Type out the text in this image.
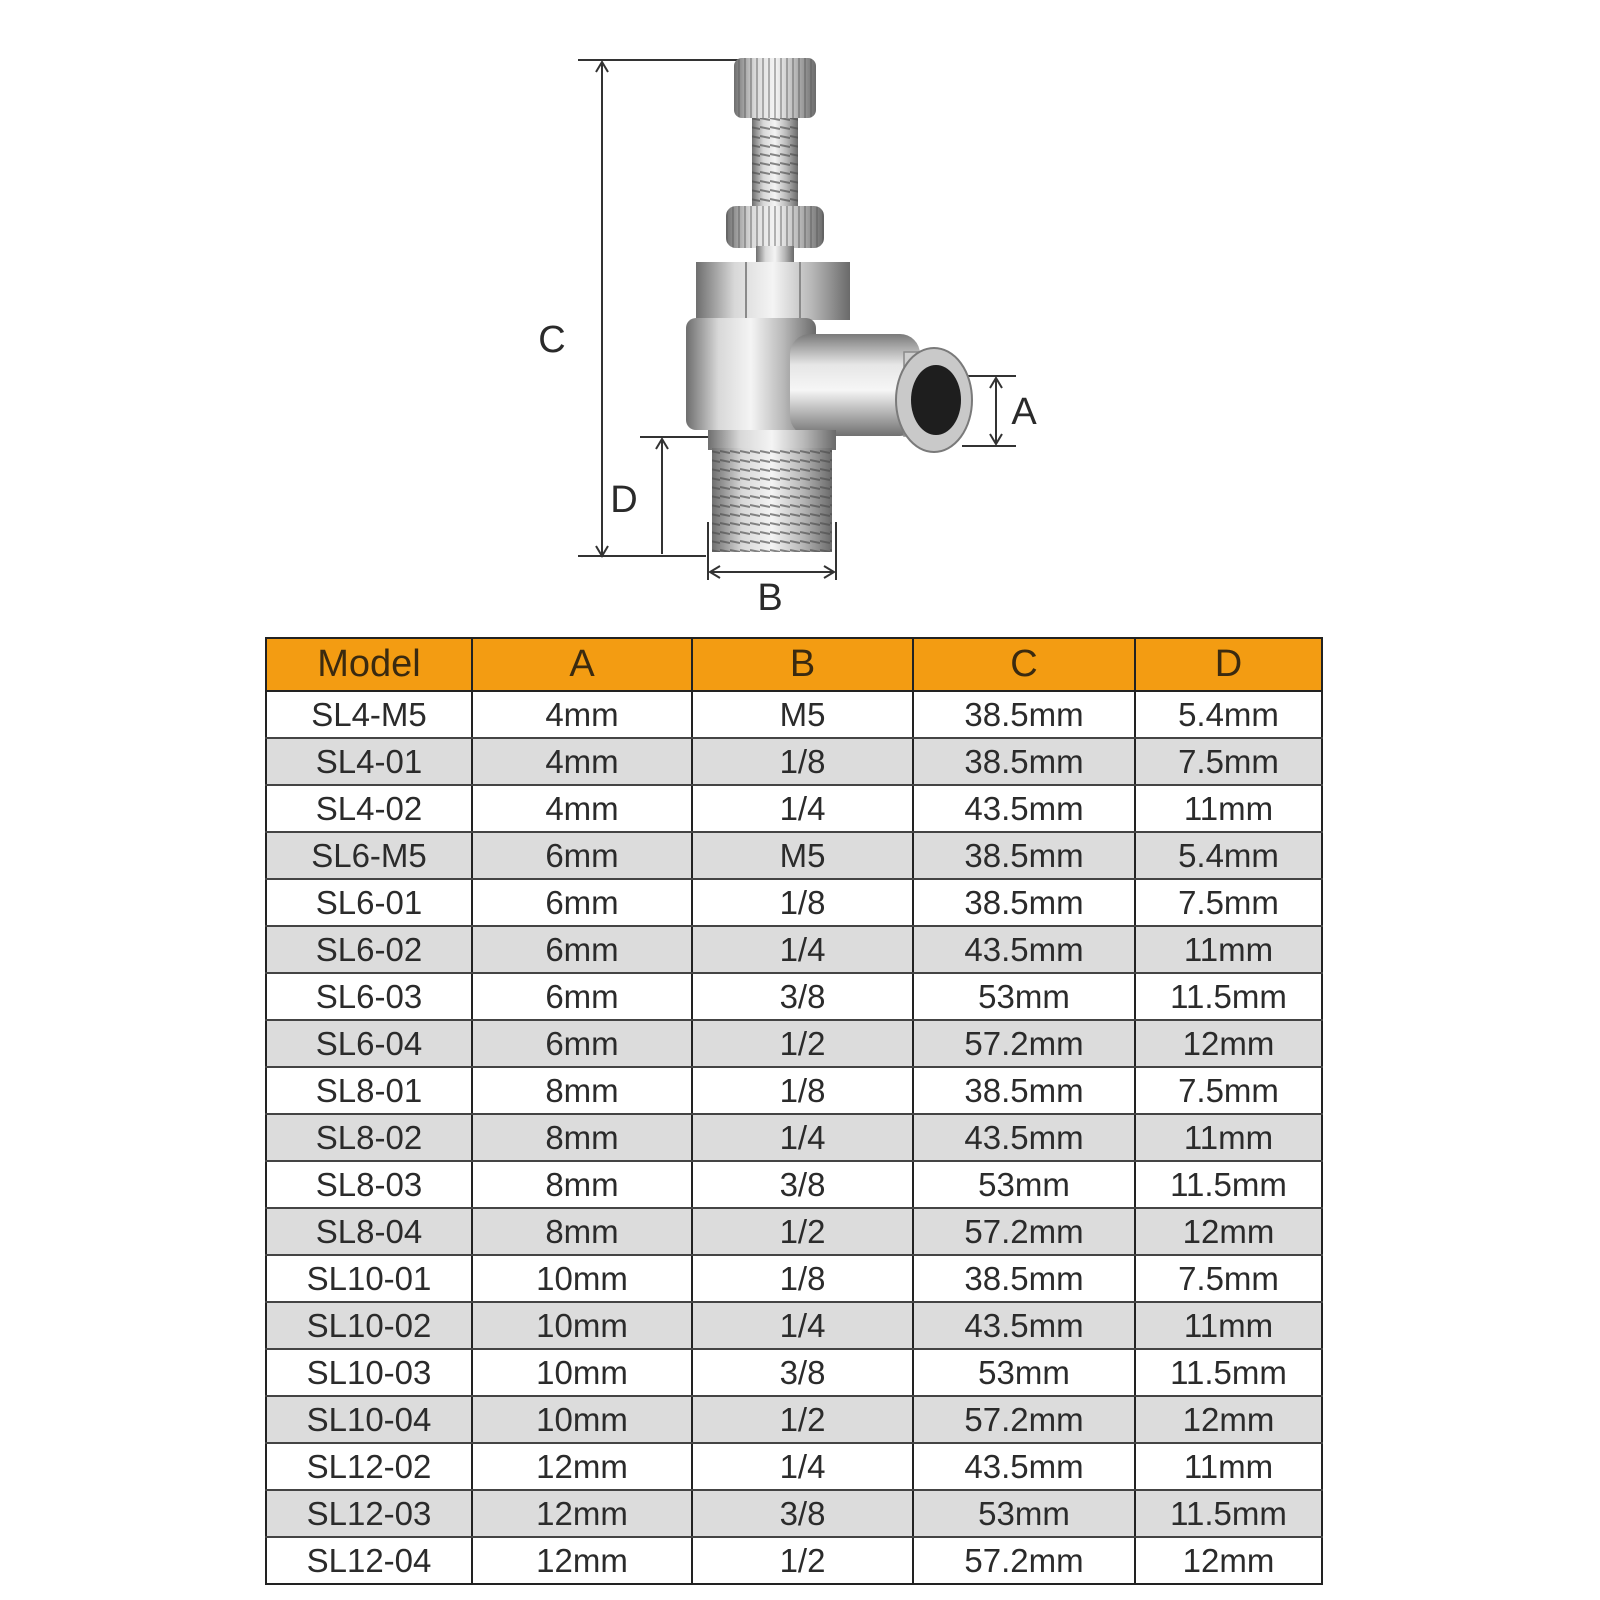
C
D
B
A
Model	A	B	C	D
SL4-M5	4mm	M5	38.5mm	5.4mm
SL4-01	4mm	1/8	38.5mm	7.5mm
SL4-02	4mm	1/4	43.5mm	11mm
SL6-M5	6mm	M5	38.5mm	5.4mm
SL6-01	6mm	1/8	38.5mm	7.5mm
SL6-02	6mm	1/4	43.5mm	11mm
SL6-03	6mm	3/8	53mm	11.5mm
SL6-04	6mm	1/2	57.2mm	12mm
SL8-01	8mm	1/8	38.5mm	7.5mm
SL8-02	8mm	1/4	43.5mm	11mm
SL8-03	8mm	3/8	53mm	11.5mm
SL8-04	8mm	1/2	57.2mm	12mm
SL10-01	10mm	1/8	38.5mm	7.5mm
SL10-02	10mm	1/4	43.5mm	11mm
SL10-03	10mm	3/8	53mm	11.5mm
SL10-04	10mm	1/2	57.2mm	12mm
SL12-02	12mm	1/4	43.5mm	11mm
SL12-03	12mm	3/8	53mm	11.5mm
SL12-04	12mm	1/2	57.2mm	12mm
